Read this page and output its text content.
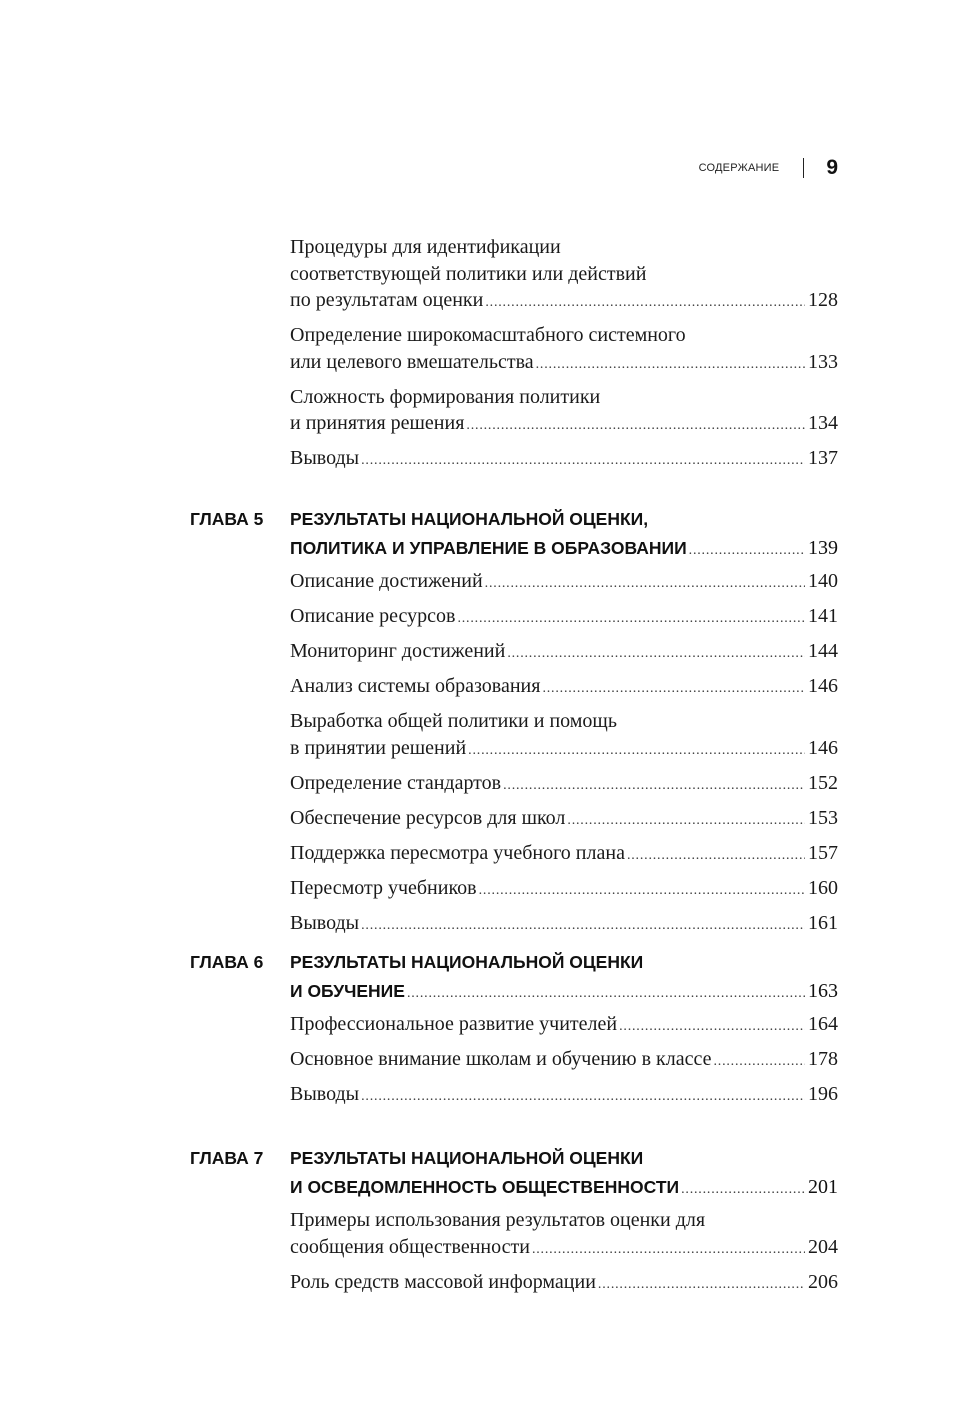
СОДЕРЖАНИЕ 9
Процедуры для идентификации
соответствующей политики или действий
по результатам оценки .....	128
Определение широкомасштабного системного
или целевого вмешательства .....	133
Сложность формирования политики
и принятия решения .....	134
Выводы .....	137
ГЛАВА 5 РЕЗУЛЬТАТЫ НАЦИОНАЛЬНОЙ ОЦЕНКИ,
ПОЛИТИКА И УПРАВЛЕНИЕ В ОБРАЗОВАНИИ .....	139
Описание достижений .....	140
Описание ресурсов .....	141
Мониторинг достижений .....	144
Анализ системы образования .....	146
Выработка общей политики и помощь
в принятии решений .....	146
Определение стандартов .....	152
Обеспечение ресурсов для школ .....	153
Поддержка пересмотра учебного плана .....	157
Пересмотр учебников .....	160
Выводы .....	161
ГЛАВА 6 РЕЗУЛЬТАТЫ НАЦИОНАЛЬНОЙ ОЦЕНКИ
И ОБУЧЕНИЕ .....	163
Профессиональное развитие учителей .....	164
Основное внимание школам и обучению в классе .....	178
Выводы .....	196
ГЛАВА 7 РЕЗУЛЬТАТЫ НАЦИОНАЛЬНОЙ ОЦЕНКИ
И ОСВЕДОМЛЕННОСТЬ ОБЩЕСТВЕННОСТИ .....	201
Примеры использования результатов оценки для
сообщения общественности .....	204
Роль средств массовой информации .....	206
